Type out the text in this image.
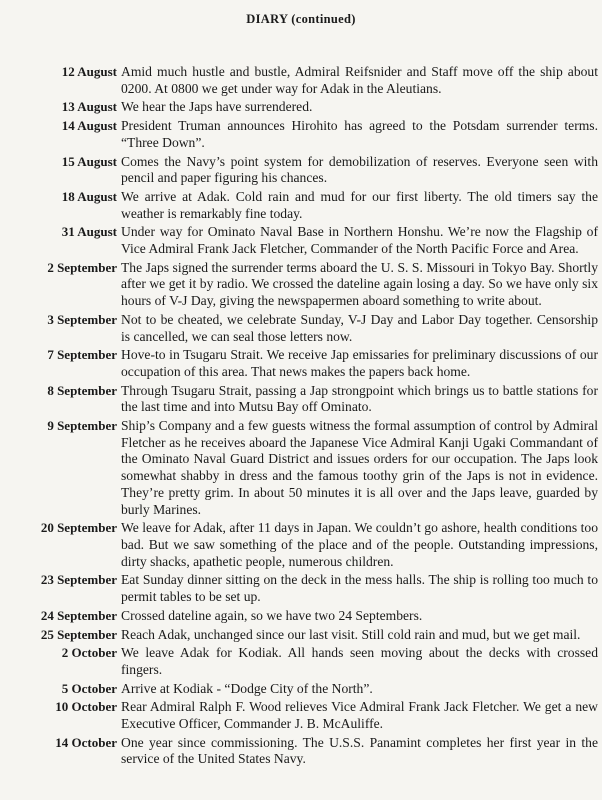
DIARY (continued)
12 August Amid much hustle and bustle, Admiral Reifsnider and Staff move off the ship about 0200. At 0800 we get under way for Adak in the Aleutians.
13 August We hear the Japs have surrendered.
14 August President Truman announces Hirohito has agreed to the Potsdam surrender terms. “Three Down”.
15 August Comes the Navy’s point system for demobilization of reserves. Everyone seen with pencil and paper figuring his chances.
18 August We arrive at Adak. Cold rain and mud for our first liberty. The old timers say the weather is remarkably fine today.
31 August Under way for Ominato Naval Base in Northern Honshu. We’re now the Flagship of Vice Admiral Frank Jack Fletcher, Commander of the North Pacific Force and Area.
2 September The Japs signed the surrender terms aboard the U. S. S. Missouri in Tokyo Bay. Shortly after we get it by radio. We crossed the dateline again losing a day. So we have only six hours of V-J Day, giving the newspapermen aboard something to write about.
3 September Not to be cheated, we celebrate Sunday, V-J Day and Labor Day together. Censorship is cancelled, we can seal those letters now.
7 September Hove-to in Tsugaru Strait. We receive Jap emissaries for preliminary discussions of our occupation of this area. That news makes the papers back home.
8 September Through Tsugaru Strait, passing a Jap strongpoint which brings us to battle stations for the last time and into Mutsu Bay off Ominato.
9 September Ship’s Company and a few guests witness the formal assumption of control by Admiral Fletcher as he receives aboard the Japanese Vice Admiral Kanji Ugaki Commandant of the Ominato Naval Guard District and issues orders for our occupation. The Japs look somewhat shabby in dress and the famous toothy grin of the Japs is not in evidence. They’re pretty grim. In about 50 minutes it is all over and the Japs leave, guarded by burly Marines.
20 September We leave for Adak, after 11 days in Japan. We couldn’t go ashore, health conditions too bad. But we saw something of the place and of the people. Outstanding impressions, dirty shacks, apathetic people, numerous children.
23 September Eat Sunday dinner sitting on the deck in the mess halls. The ship is rolling too much to permit tables to be set up.
24 September Crossed dateline again, so we have two 24 Septembers.
25 September Reach Adak, unchanged since our last visit. Still cold rain and mud, but we get mail.
2 October We leave Adak for Kodiak. All hands seen moving about the decks with crossed fingers.
5 October Arrive at Kodiak - “Dodge City of the North”.
10 October Rear Admiral Ralph F. Wood relieves Vice Admiral Frank Jack Fletcher. We get a new Executive Officer, Commander J. B. McAuliffe.
14 October One year since commissioning. The U.S.S. Panamint completes her first year in the service of the United States Navy.
